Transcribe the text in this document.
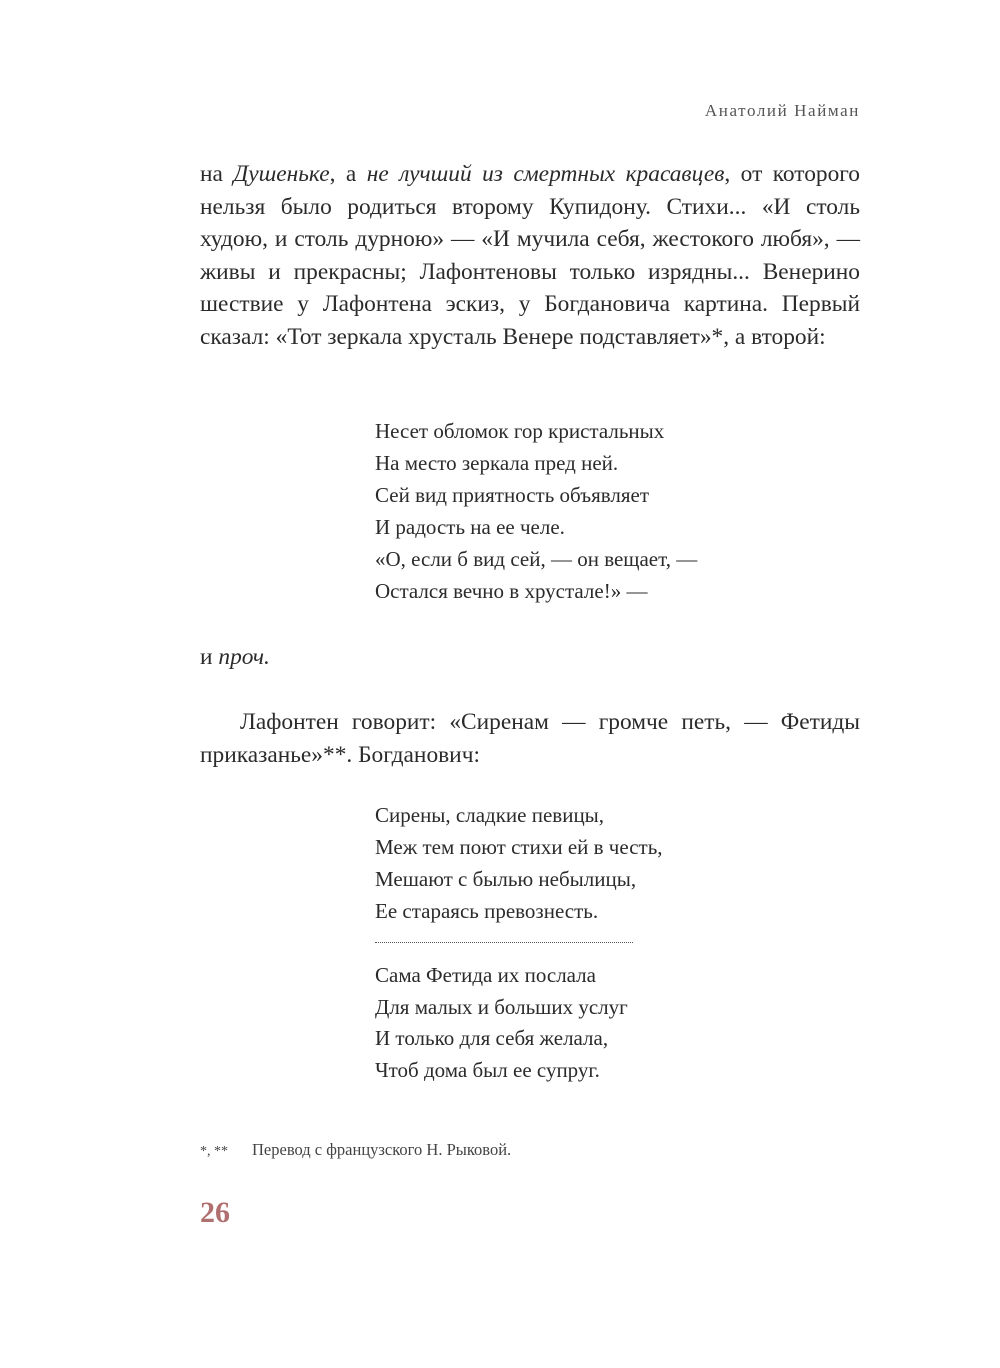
Анатолий Найман

на Душеньке, а не лучший из смертных красавцев, от которого нельзя было родиться второму Купидону. Стихи... «И столь худою, и столь дурною» — «И мучила себя, жестокого любя», — живы и прекрасны; Лафонтеновы только изрядны... Венерино шествие у Лафонтена эскиз, у Богдановича картина. Первый сказал: «Тот зеркала хрусталь Венере подставляет»*, а второй:

Несет обломок гор кристальных
На место зеркала пред ней.
Сей вид приятность объявляет
И радость на ее челе.
«О, если б вид сей, — он вещает, —
Остался вечно в хрустале!» —

и проч.

Лафонтен говорит: «Сиренам — громче петь, — Фетиды приказанье»**. Богданович:

Сирены, сладкие певицы,
Меж тем поют стихи ей в честь,
Мешают с былью небылицы,
Ее стараясь превознесть.
Сама Фетида их послала
Для малых и больших услуг
И только для себя желала,
Чтоб дома был ее супруг.
*, ** Перевод с французского Н. Рыковой.
26
